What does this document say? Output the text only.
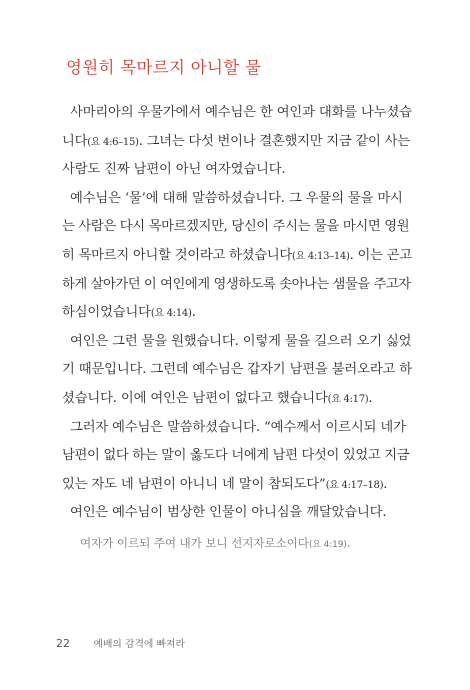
영원히 목마르지 아니할 물
사마리아의 우물가에서 예수님은 한 여인과 대화를 나누셨습
니다(요 4:6–15). 그녀는 다섯 번이나 결혼했지만 지금 같이 사는
사람도 진짜 남편이 아닌 여자였습니다.
예수님은 ‘물’에 대해 말씀하셨습니다. 그 우물의 물을 마시
는 사람은 다시 목마르겠지만, 당신이 주시는 물을 마시면 영원
히 목마르지 아니할 것이라고 하셨습니다(요 4:13–14). 이는 곤고
하게 살아가던 이 여인에게 영생하도록 솟아나는 샘물을 주고자
하심이었습니다(요 4:14).
여인은 그런 물을 원했습니다. 이렇게 물을 길으러 오기 싫었
기 때문입니다. 그런데 예수님은 갑자기 남편을 불러오라고 하
셨습니다. 이에 여인은 남편이 없다고 했습니다(요 4:17).
그러자 예수님은 말씀하셨습니다. “예수께서 이르시되 네가
남편이 없다 하는 말이 옳도다 너에게 남편 다섯이 있었고 지금
있는 자도 네 남편이 아니니 네 말이 참되도다”(요 4:17–18).
여인은 예수님이 범상한 인물이 아니심을 깨달았습니다.
여자가 이르되 주여 내가 보니 선지자로소이다(요 4:19).
22 예배의 감격에 빠져라
